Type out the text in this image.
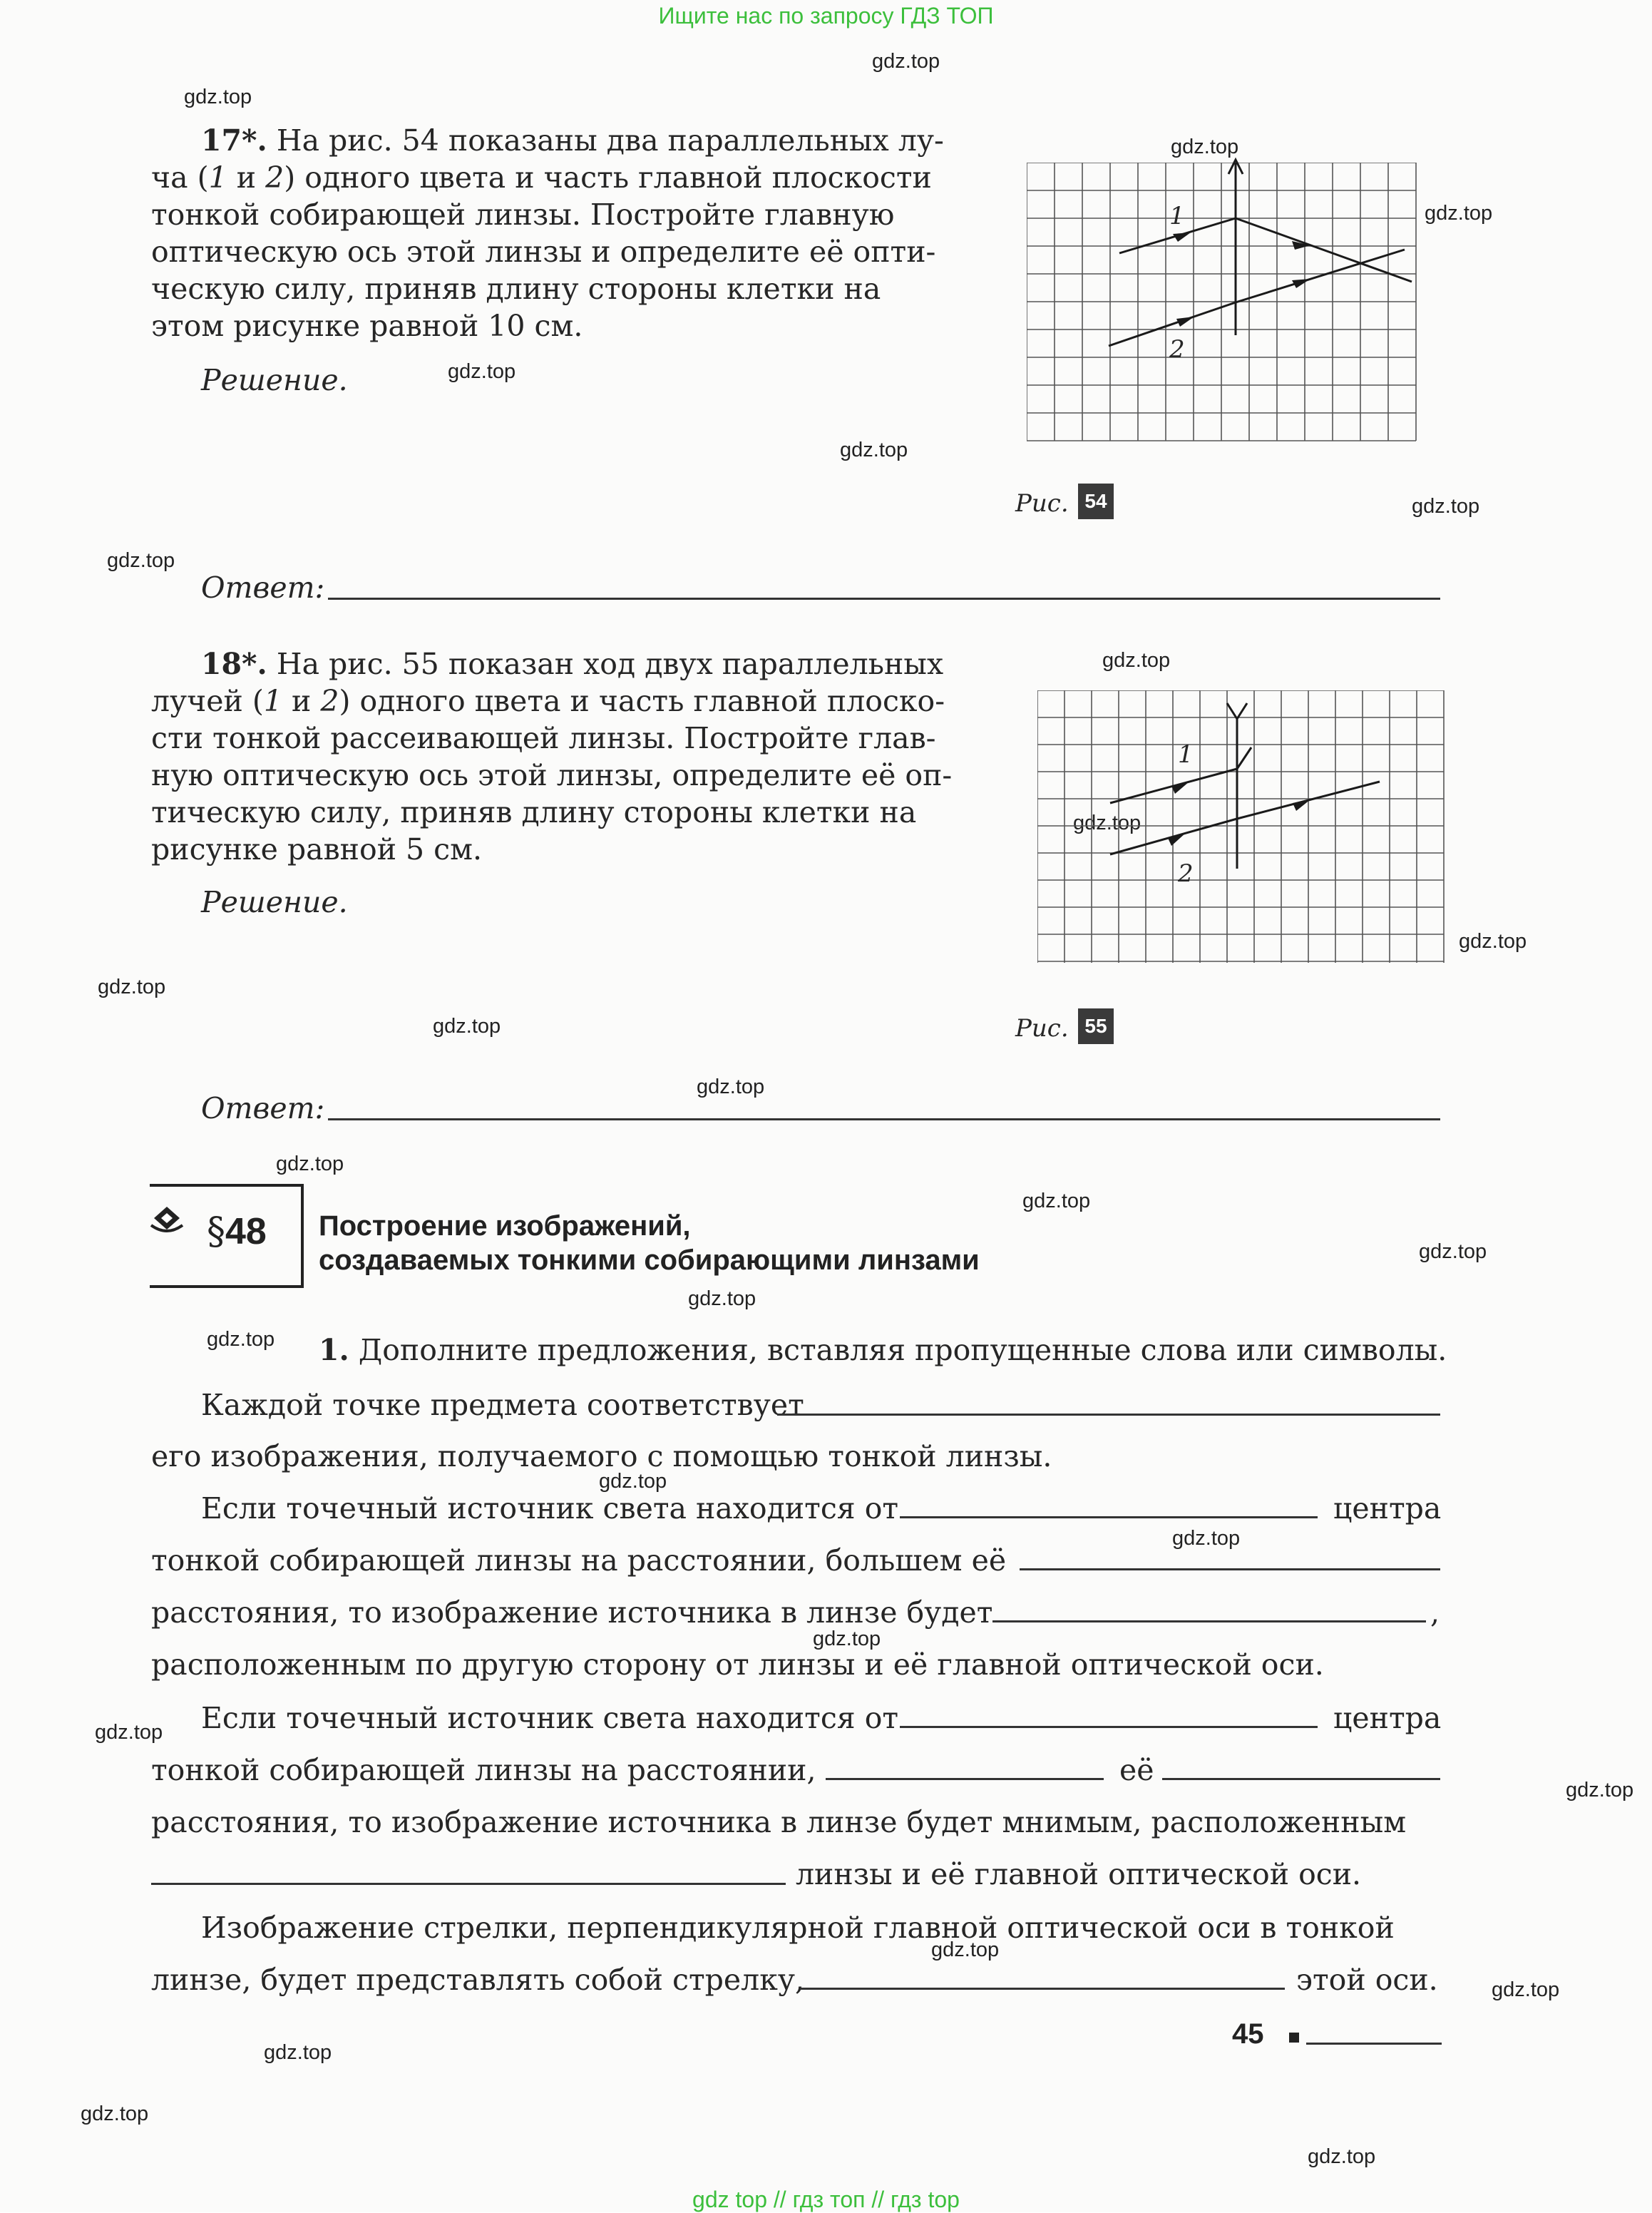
Ищите нас по запросу ГДЗ ТОП
gdz.top
gdz.top
gdz.top
gdz.top
gdz.top
gdz.top
gdz.top
gdz.top
gdz.top
gdz.top
gdz.top
gdz.top
gdz.top
gdz.top
gdz.top
gdz.top
gdz.top
gdz.top
gdz.top
gdz.top
gdz.top
gdz.top
gdz.top
gdz.top
gdz.top
gdz.top
gdz.top
gdz.top
gdz.top
17*. На рис. 54 показаны два параллельных лу-
ча (1 и 2) одного цвета и часть главной плоскости
тонкой собирающей линзы. Постройте главную
оптическую ось этой линзы и определите её опти-
ческую силу, приняв длину стороны клетки на
этом рисунке равной 10 см.
Решение.
Ответ:
1
2
Рис. 54
18*. На рис. 55 показан ход двух параллельных
лучей (1 и 2) одного цвета и часть главной плоско-
сти тонкой рассеивающей линзы. Постройте глав-
ную оптическую ось этой линзы, определите её оп-
тическую силу, приняв длину стороны клетки на
рисунке равной 5 см.
Решение.
Ответ:
1
2
Рис. 55
§48 Построение изображений,
создаваемых тонкими собирающими линзами
1. Дополните предложения, вставляя пропущенные слова или символы.
Каждой точке предмета соответствует
его изображения, получаемого с помощью тонкой линзы.
Если точечный источник света находится от	центра
тонкой собирающей линзы на расстоянии, большем её
расстояния, то изображение источника в линзе будет	,
расположенным по другую сторону от линзы и её главной оптической оси.
Если точечный источник света находится от	центра
тонкой собирающей линзы на расстоянии,	её
расстояния, то изображение источника в линзе будет мнимым, расположенным
линзы и её главной оптической оси.
Изображение стрелки, перпендикулярной главной оптической оси в тонкой
линзе, будет представлять собой стрелку,	этой оси.
45
gdz top // гдз топ // гдз top
